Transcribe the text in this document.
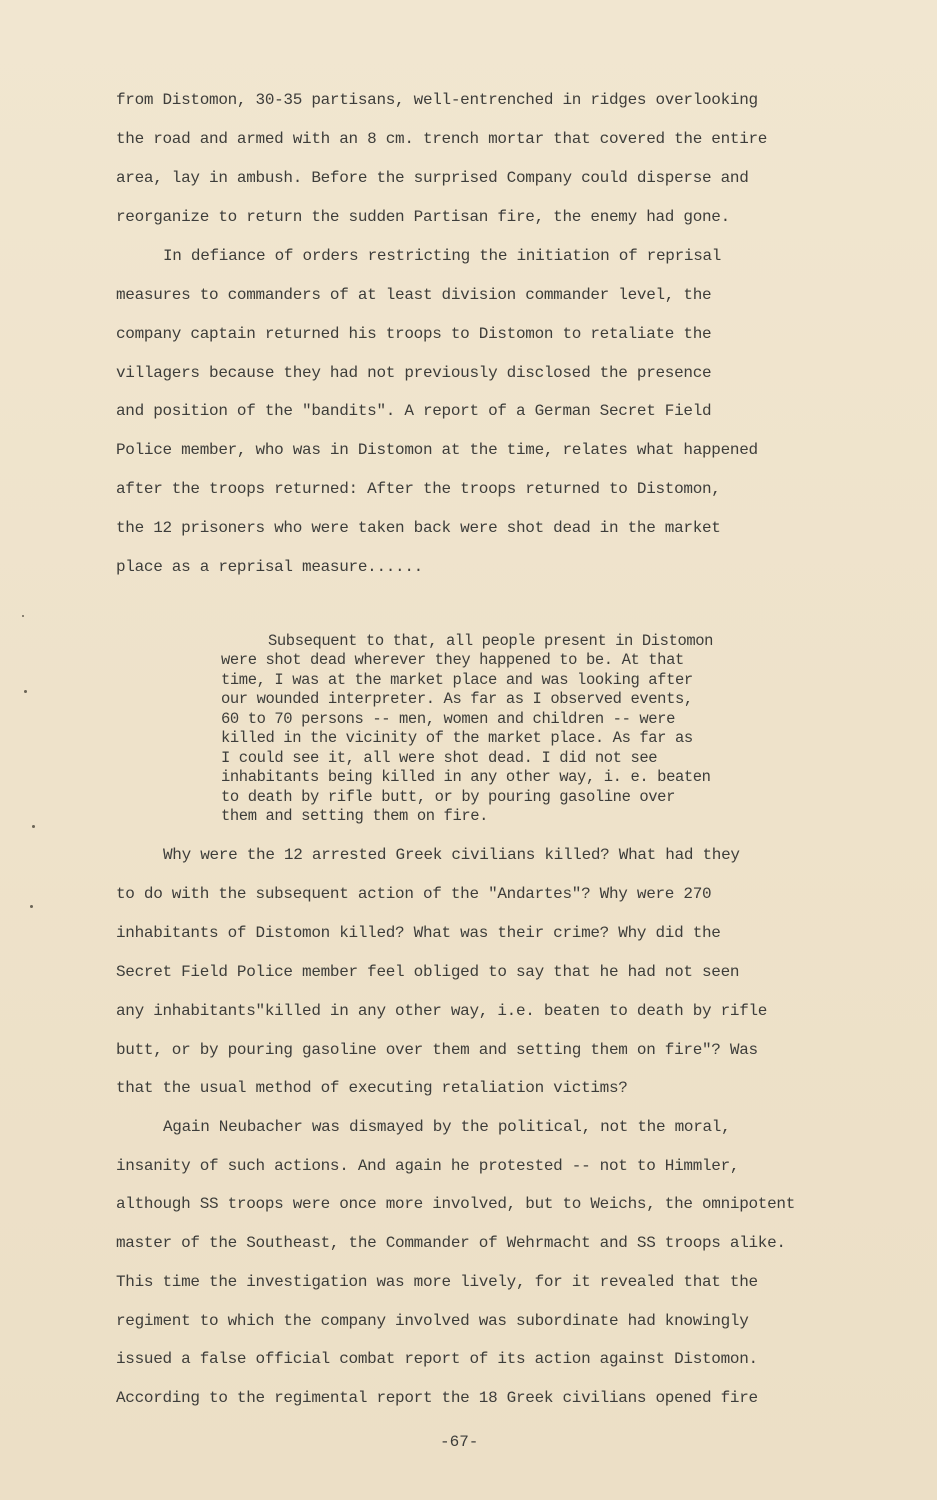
from Distomon, 30-35 partisans, well-entrenched in ridges overlooking
the road and armed with an 8 cm. trench mortar that covered the entire
area, lay in ambush. Before the surprised Company could disperse and
reorganize to return the sudden Partisan fire, the enemy had gone.
In defiance of orders restricting the initiation of reprisal
measures to commanders of at least division commander level, the
company captain returned his troops to Distomon to retaliate the
villagers because they had not previously disclosed the presence
and position of the "bandits". A report of a German Secret Field
Police member, who was in Distomon at the time, relates what happened
after the troops returned: After the troops returned to Distomon,
the 12 prisoners who were taken back were shot dead in the market
place as a reprisal measure......
Subsequent to that, all people present in Distomon
were shot dead wherever they happened to be. At that
time, I was at the market place and was looking after
our wounded interpreter. As far as I observed events,
60 to 70 persons -- men, women and children -- were
killed in the vicinity of the market place. As far as
I could see it, all were shot dead. I did not see
inhabitants being killed in any other way, i. e. beaten
to death by rifle butt, or by pouring gasoline over
them and setting them on fire.
Why were the 12 arrested Greek civilians killed? What had they
to do with the subsequent action of the "Andartes"? Why were 270
inhabitants of Distomon killed? What was their crime? Why did the
Secret Field Police member feel obliged to say that he had not seen
any inhabitants"killed in any other way, i.e. beaten to death by rifle
butt, or by pouring gasoline over them and setting them on fire"? Was
that the usual method of executing retaliation victims?
Again Neubacher was dismayed by the political, not the moral,
insanity of such actions. And again he protested -- not to Himmler,
although SS troops were once more involved, but to Weichs, the omnipotent
master of the Southeast, the Commander of Wehrmacht and SS troops alike.
This time the investigation was more lively, for it revealed that the
regiment to which the company involved was subordinate had knowingly
issued a false official combat report of its action against Distomon.
According to the regimental report the 18 Greek civilians opened fire
-67-
